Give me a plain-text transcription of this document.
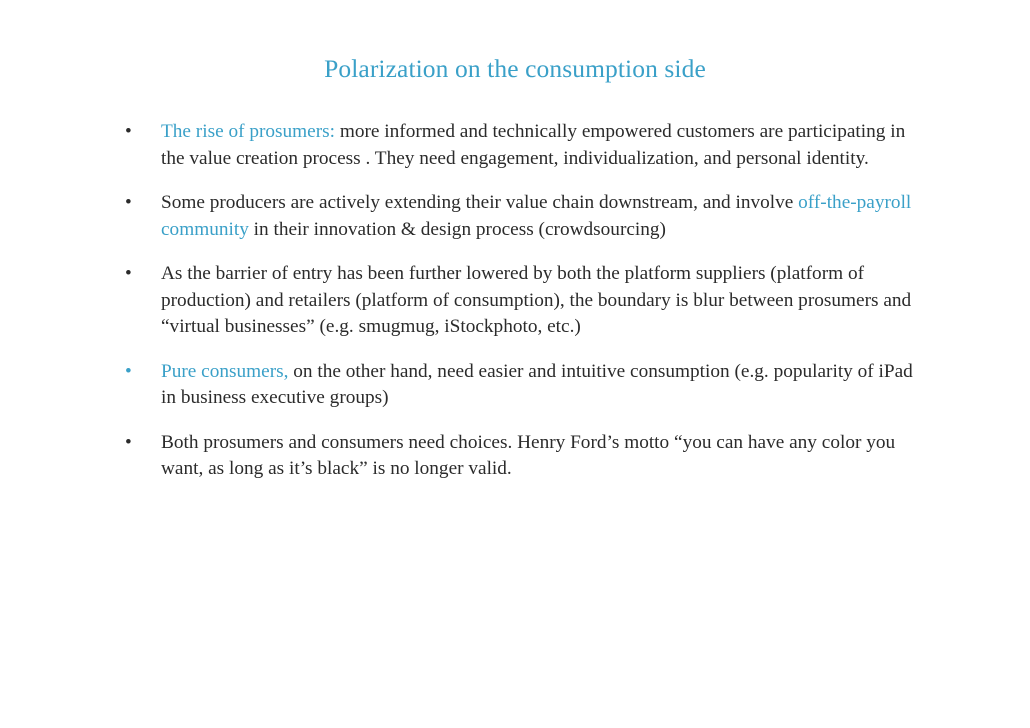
Polarization on the consumption side
•	The rise of prosumers: more informed and technically empowered customers are participating in the value creation process . They need engagement, individualization, and personal identity.
•	Some producers are actively extending their value chain downstream, and involve off-the-payroll community in their innovation & design process (crowdsourcing)
•	As the barrier of entry has been further lowered by both the platform suppliers (platform of production) and retailers (platform of consumption), the boundary is blur between prosumers and “virtual businesses” (e.g. smugmug, iStockphoto, etc.)
•	Pure consumers, on the other hand, need easier and intuitive consumption (e.g. popularity of iPad in business executive groups)
•	Both prosumers and consumers need choices. Henry Ford’s motto “you can have any color you want, as long as it’s black” is no longer valid.
